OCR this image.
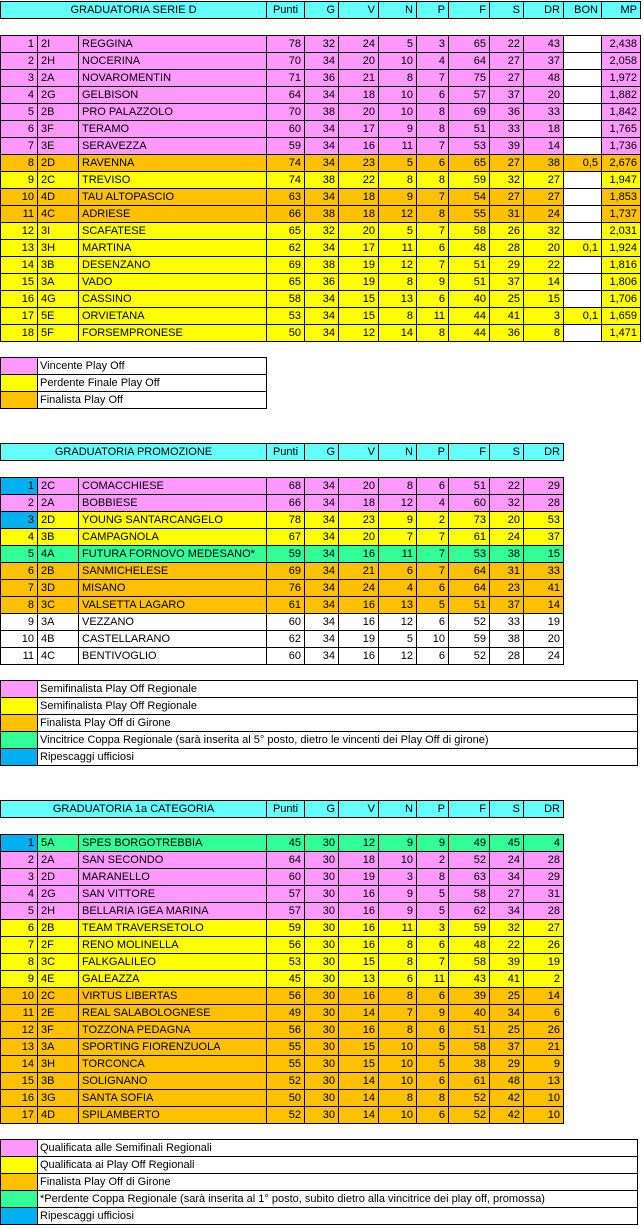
GRADUATORIA SERIE D			Punti	G	V	N	P	F	S	DR	BON	MP

1	2I	REGGINA	78	32	24	5	3	65	22	43		2,438
2	2H	NOCERINA	70	34	20	10	4	64	27	37		2,058
3	2A	NOVAROMENTIN	71	36	21	8	7	75	27	48		1,972
4	2G	GELBISON	64	34	18	10	6	57	37	20		1,882
5	2B	PRO PALAZZOLO	70	38	20	10	8	69	36	33		1,842
6	3F	TERAMO	60	34	17	9	8	51	33	18		1,765
7	3E	SERAVEZZA	59	34	16	11	7	53	39	14		1,736
8	2D	RAVENNA	74	34	23	5	6	65	27	38	0,5	2,676
9	2C	TREVISO	74	38	22	8	8	59	32	27		1,947
10	4D	TAU ALTOPASCIO	63	34	18	9	7	54	27	27		1,853
11	4C	ADRIESE	66	38	18	12	8	55	31	24		1,737
12	3I	SCAFATESE	65	32	20	5	7	58	26	32		2,031
13	3H	MARTINA	62	34	17	11	6	48	28	20	0,1	1,924
14	3B	DESENZANO	69	38	19	12	7	51	29	22		1,816
15	3A	VADO	65	36	19	8	9	51	37	14		1,806
16	4G	CASSINO	58	34	15	13	6	40	25	15		1,706
17	5E	ORVIETANA	53	34	15	8	11	44	41	3	0,1	1,659
18	5F	FORSEMPRONESE	50	34	12	14	8	44	36	8		1,471
	Vincente Play Off
	Perdente Finale Play Off
	Finalista Play Off
GRADUATORIA PROMOZIONE			Punti	G	V	N	P	F	S	DR

1	2C	COMACCHIESE	68	34	20	8	6	51	22	29
2	2A	BOBBIESE	66	34	18	12	4	60	32	28
3	2D	YOUNG SANTARCANGELO	78	34	23	9	2	73	20	53
4	3B	CAMPAGNOLA	67	34	20	7	7	61	24	37
5	4A	FUTURA FORNOVO MEDESANO*	59	34	16	11	7	53	38	15
6	2B	SANMICHELESE	69	34	21	6	7	64	31	33
7	3D	MISANO	76	34	24	4	6	64	23	41
8	3C	VALSETTA LAGARO	61	34	16	13	5	51	37	14
9	3A	VEZZANO	60	34	16	12	6	52	33	19
10	4B	CASTELLARANO	62	34	19	5	10	59	38	20
11	4C	BENTIVOGLIO	60	34	16	12	6	52	28	24
	Semifinalista Play Off Regionale
	Semifinalista Play Off Regionale
	Finalista Play Off di Girone
	Vincitrice Coppa Regionale (sarà inserita al 5° posto, dietro le vincenti dei Play Off di girone)
	Ripescaggi ufficiosi
GRADUATORIA 1a CATEGORIA			Punti	G	V	N	P	F	S	DR

1	5A	SPES BORGOTREBBIA	45	30	12	9	9	49	45	4
2	2A	SAN SECONDO	64	30	18	10	2	52	24	28
3	2D	MARANELLO	60	30	19	3	8	63	34	29
4	2G	SAN VITTORE	57	30	16	9	5	58	27	31
5	2H	BELLARIA IGEA MARINA	57	30	16	9	5	62	34	28
6	2B	TEAM TRAVERSETOLO	59	30	16	11	3	59	32	27
7	2F	RENO MOLINELLA	56	30	16	8	6	48	22	26
8	3C	FALKGALILEO	53	30	15	8	7	58	39	19
9	4E	GALEAZZA	45	30	13	6	11	43	41	2
10	2C	VIRTUS LIBERTAS	56	30	16	8	6	39	25	14
11	2E	REAL SALABOLOGNESE	49	30	14	7	9	40	34	6
12	3F	TOZZONA PEDAGNA	56	30	16	8	6	51	25	26
13	3A	SPORTING FIORENZUOLA	55	30	15	10	5	58	37	21
14	3H	TORCONCA	55	30	15	10	5	38	29	9
15	3B	SOLIGNANO	52	30	14	10	6	61	48	13
16	3G	SANTA SOFIA	50	30	14	8	8	52	42	10
17	4D	SPILAMBERTO	52	30	14	10	6	52	42	10
	Qualificata alle Semifinali Regionali
	Qualificata ai Play Off Regionali
	Finalista Play Off di Girone
	*Perdente Coppa Regionale (sarà inserita al 1° posto, subito dietro alla vincitrice dei play off, promossa)
	Ripescaggi ufficiosi
